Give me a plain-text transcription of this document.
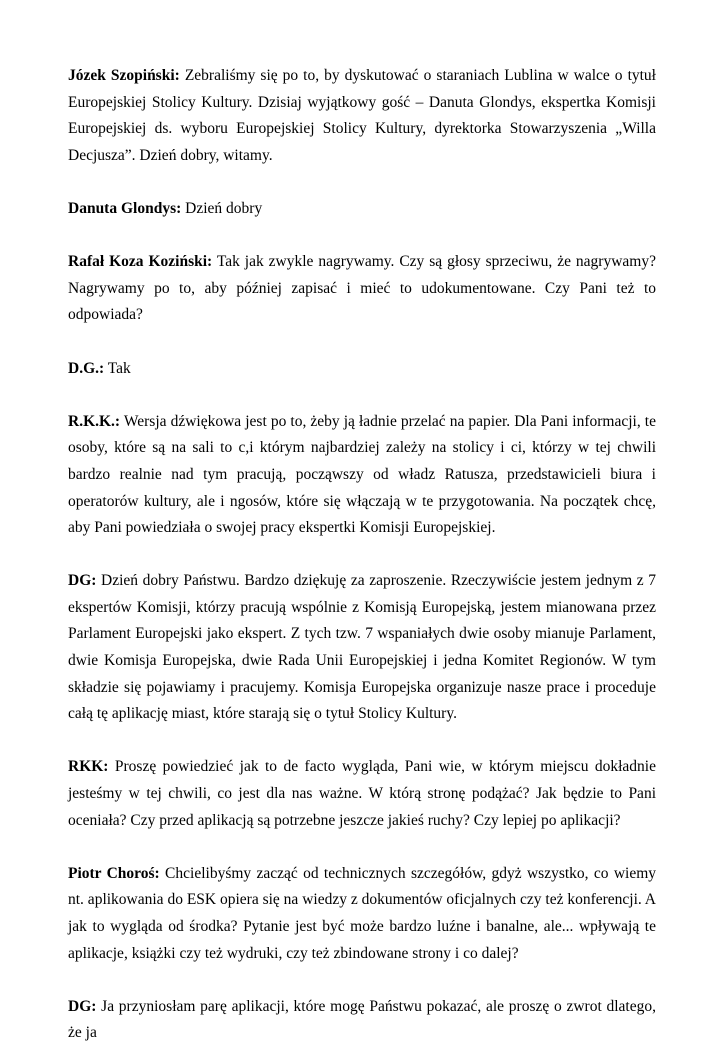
Józek Szopiński: Zebraliśmy się po to, by dyskutować o staraniach Lublina w walce o tytuł Europejskiej Stolicy Kultury. Dzisiaj wyjątkowy gość – Danuta Glondys, ekspertka Komisji Europejskiej ds. wyboru Europejskiej Stolicy Kultury, dyrektorka Stowarzyszenia „Willa Decjusza”. Dzień dobry, witamy.

Danuta Glondys: Dzień dobry

Rafał Koza Koziński: Tak jak zwykle nagrywamy. Czy są głosy sprzeciwu, że nagrywamy? Nagrywamy po to, aby później zapisać i mieć to udokumentowane. Czy Pani też to odpowiada?

D.G.: Tak

R.K.K.: Wersja dźwiękowa jest po to, żeby ją ładnie przelać na papier. Dla Pani informacji, te osoby, które są na sali to c,i którym najbardziej zależy na stolicy i ci, którzy w tej chwili bardzo realnie nad tym pracują, począwszy od władz Ratusza, przedstawicieli biura i operatorów kultury, ale i ngosów, które się włączają w te przygotowania. Na początek chcę, aby Pani powiedziała o swojej pracy ekspertki Komisji Europejskiej.

DG: Dzień dobry Państwu. Bardzo dziękuję za zaproszenie. Rzeczywiście jestem jednym z 7 ekspertów Komisji, którzy pracują wspólnie z Komisją Europejską, jestem mianowana przez Parlament Europejski jako ekspert. Z tych tzw. 7 wspaniałych dwie osoby mianuje Parlament, dwie Komisja Europejska, dwie Rada Unii Europejskiej i jedna Komitet Regionów. W tym składzie się pojawiamy i pracujemy. Komisja Europejska organizuje nasze prace i proceduje całą tę aplikację miast, które starają się o tytuł Stolicy Kultury.

RKK: Proszę powiedzieć jak to de facto wygląda, Pani wie, w którym miejscu dokładnie jesteśmy w tej chwili, co jest dla nas ważne. W którą stronę podążać? Jak będzie to Pani oceniała? Czy przed aplikacją są potrzebne jeszcze jakieś ruchy? Czy lepiej po aplikacji?

Piotr Choroś: Chcielibyśmy zacząć od technicznych szczegółów, gdyż wszystko, co wiemy nt. aplikowania do ESK opiera się na wiedzy z dokumentów oficjalnych czy też konferencji. A jak to wygląda od środka? Pytanie jest być może bardzo luźne i banalne, ale... wpływają te aplikacje, książki czy też wydruki, czy też zbindowane strony i co dalej?

DG: Ja przyniosłam parę aplikacji, które mogę Państwu pokazać, ale proszę o zwrot dlatego, że ja
